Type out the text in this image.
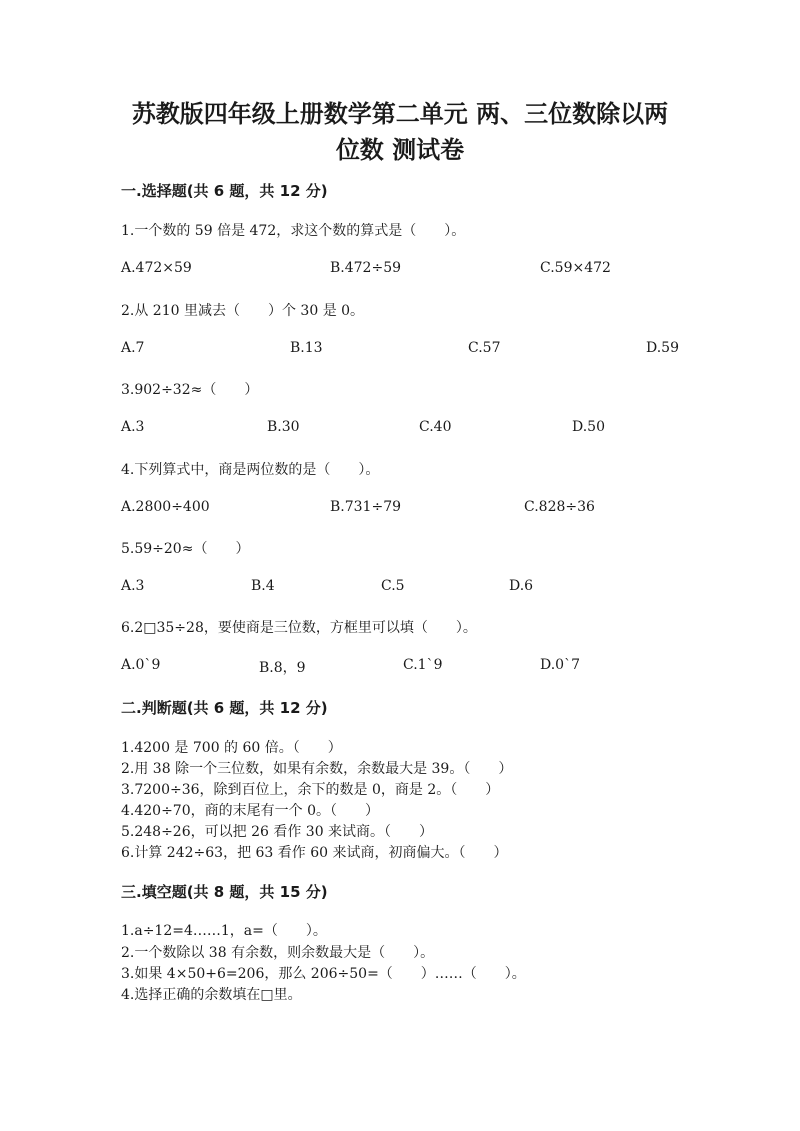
苏教版四年级上册数学第二单元 两、三位数除以两
位数 测试卷
一.选择题(共 6 题，共 12 分)
1.一个数的 59 倍是 472，求这个数的算式是（　　）。
A.472×59	B.472÷59	C.59×472
2.从 210 里减去（　　）个 30 是 0。
A.7	B.13	C.57	D.59
3.902÷32≈（　　）
A.3	B.30	C.40	D.50
4.下列算式中，商是两位数的是（　　）。
A.2800÷400	B.731÷79	C.828÷36
5.59÷20≈（　　）
A.3	B.4	C.5	D.6
6.2□35÷28，要使商是三位数，方框里可以填（　　）。
A.0`9	B.8，9	C.1`9	D.0`7
二.判断题(共 6 题，共 12 分)
1.4200 是 700 的 60 倍。（　　）
2.用 38 除一个三位数，如果有余数，余数最大是 39。（　　）
3.7200÷36，除到百位上，余下的数是 0，商是 2。（　　）
4.420÷70，商的末尾有一个 0。（　　）
5.248÷26，可以把 26 看作 30 来试商。（　　）
6.计算 242÷63，把 63 看作 60 来试商，初商偏大。（　　）
三.填空题(共 8 题，共 15 分)
1.a÷12=4……1，a=（　　）。
2.一个数除以 38 有余数，则余数最大是（　　）。
3.如果 4×50+6=206，那么 206÷50=（　　）……（　　）。
4.选择正确的余数填在□里。
